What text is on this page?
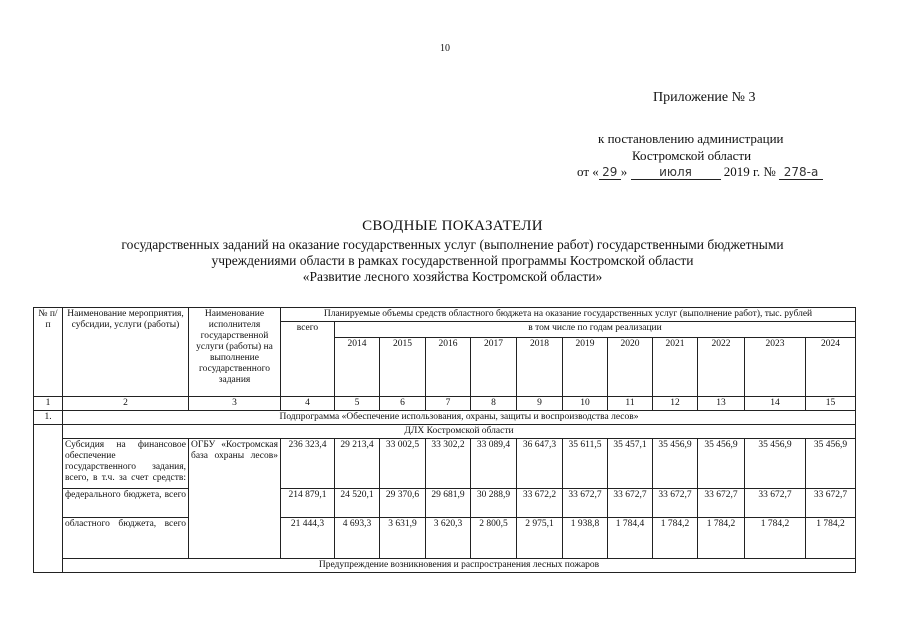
10
Приложение № 3
к постановлению администрации
Костромской области
от « 29 »	июля 2019 г. № 278-а
СВОДНЫЕ ПОКАЗАТЕЛИ
государственных заданий на оказание государственных услуг (выполнение работ) государственными бюджетными
учреждениями области в рамках государственной программы Костромской области
«Развитие лесного хозяйства Костромской области»
№ п/п	Наименование мероприятия, субсидии, услуги (работы)	Наименование исполнителя государственной услуги (работы) на выполнение государственного задания	Планируемые объемы средств областного бюджета на оказание государственных услуг (выполнение работ), тыс. рублей											
			всего	в том числе по годам реализации										
				2014	2015	2016	2017	2018	2019	2020	2021	2022	2023	2024
1	2	3	4	5	6	7	8	9	10	11	12	13	14	15
1.	Подпрограмма «Обеспечение использования, охраны, защиты и воспроизводства лесов»													
	ДЛХ Костромской области													
	Субсидия на финансовое обеспечение государственного задания, всего, в т.ч. за счет средств:	ОГБУ «Костромская база охраны лесов»	236 323,4	29 213,4	33 002,5	33 302,2	33 089,4	36 647,3	35 611,5	35 457,1	35 456,9	35 456,9	35 456,9	35 456,9
	федерального бюджета, всего		214 879,1	24 520,1	29 370,6	29 681,9	30 288,9	33 672,2	33 672,7	33 672,7	33 672,7	33 672,7	33 672,7	33 672,7
	областного бюджета, всего		21 444,3	4 693,3	3 631,9	3 620,3	2 800,5	2 975,1	1 938,8	1 784,4	1 784,2	1 784,2	1 784,2	1 784,2
	Предупреждение возникновения и распространения лесных пожаров													
